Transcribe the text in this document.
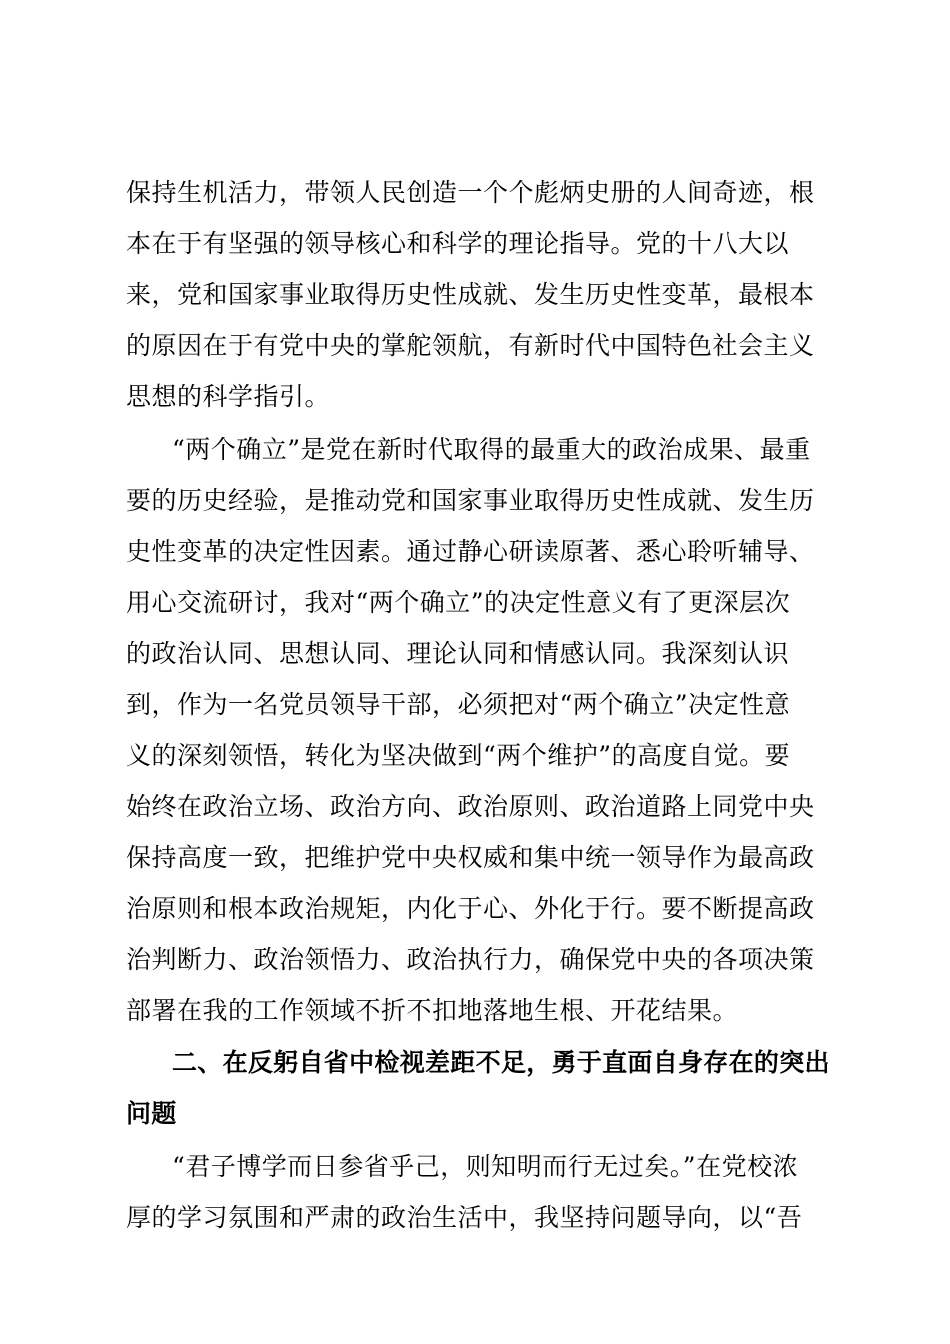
保持生机活力，带领人民创造一个个彪炳史册的人间奇迹，根
本在于有坚强的领导核心和科学的理论指导。党的十八大以
来，党和国家事业取得历史性成就、发生历史性变革，最根本
的原因在于有党中央的掌舵领航，有新时代中国特色社会主义
思想的科学指引。
“两个确立”是党在新时代取得的最重大的政治成果、最重
要的历史经验，是推动党和国家事业取得历史性成就、发生历
史性变革的决定性因素。通过静心研读原著、悉心聆听辅导、
用心交流研讨，我对“两个确立”的决定性意义有了更深层次
的政治认同、思想认同、理论认同和情感认同。我深刻认识
到，作为一名党员领导干部，必须把对“两个确立”决定性意
义的深刻领悟，转化为坚决做到“两个维护”的高度自觉。要
始终在政治立场、政治方向、政治原则、政治道路上同党中央
保持高度一致，把维护党中央权威和集中统一领导作为最高政
治原则和根本政治规矩，内化于心、外化于行。要不断提高政
治判断力、政治领悟力、政治执行力，确保党中央的各项决策
部署在我的工作领域不折不扣地落地生根、开花结果。
二、在反躬自省中检视差距不足，勇于直面自身存在的突出
问题
“君子博学而日参省乎己，则知明而行无过矣。”在党校浓
厚的学习氛围和严肃的政治生活中，我坚持问题导向，以“吾
